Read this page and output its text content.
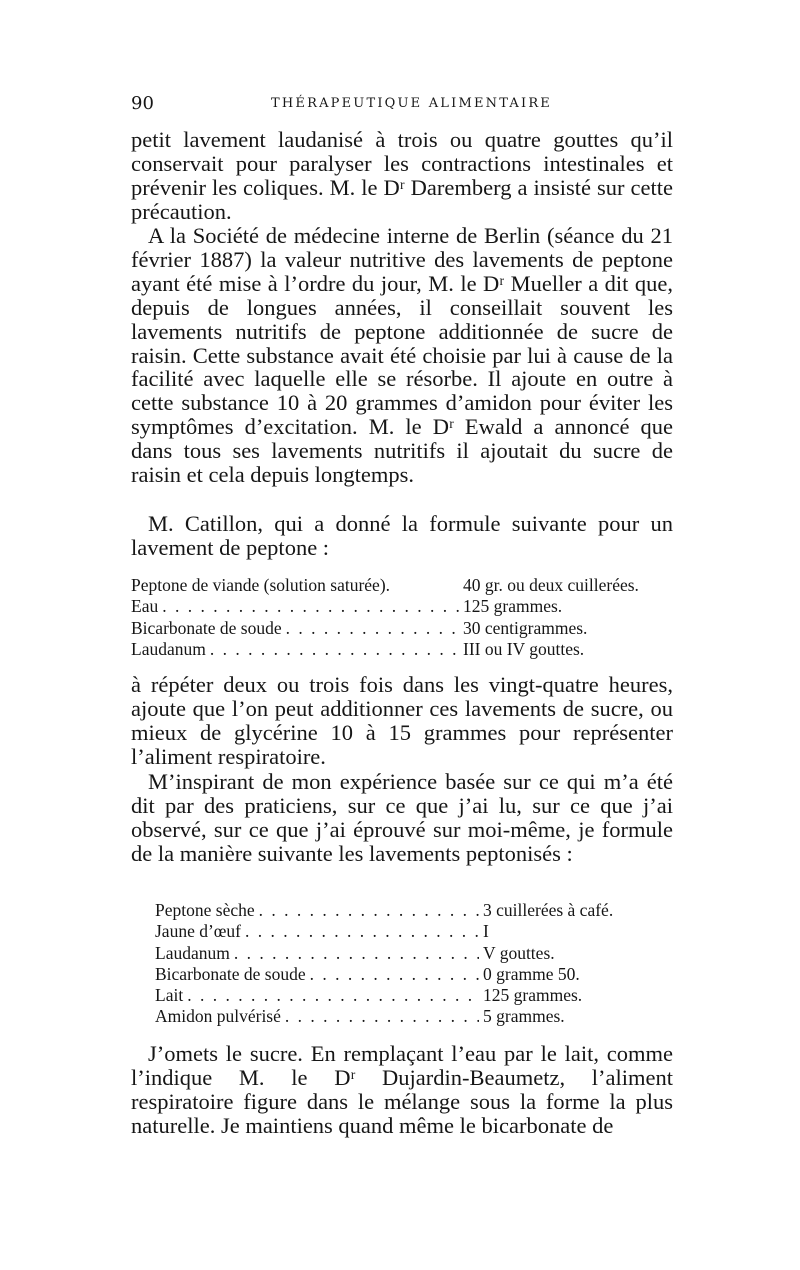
90	THÉRAPEUTIQUE ALIMENTAIRE

petit lavement laudanisé à trois ou quatre gouttes qu’il conservait pour paralyser les contractions intestinales et prévenir les coliques. M. le Dʳ Daremberg a insisté sur cette précaution.

A la Société de médecine interne de Berlin (séance du 21 février 1887) la valeur nutritive des lavements de peptone ayant été mise à l’ordre du jour, M. le Dʳ Mueller a dit que, depuis de longues années, il conseillait souvent les lavements nutritifs de peptone additionnée de sucre de raisin. Cette substance avait été choisie par lui à cause de la facilité avec laquelle elle se résorbe. Il ajoute en outre à cette substance 10 à 20 grammes d’amidon pour éviter les symptômes d’excitation. M. le Dʳ Ewald a annoncé que dans tous ses lavements nutritifs il ajoutait du sucre de raisin et cela depuis longtemps.

M. Catillon, qui a donné la formule suivante pour un lavement de peptone :

Peptone de viande (solution saturée).	40 gr. ou deux cuillerées.
Eau . . .	125 grammes.
Bicarbonate de soude . . .	30 centigrammes.
Laudanum . . .	III ou IV gouttes.

à répéter deux ou trois fois dans les vingt-quatre heures, ajoute que l’on peut additionner ces lavements de sucre, ou mieux de glycérine 10 à 15 grammes pour représenter l’aliment respiratoire.

M’inspirant de mon expérience basée sur ce qui m’a été dit par des praticiens, sur ce que j’ai lu, sur ce que j’ai observé, sur ce que j’ai éprouvé sur moi-même, je formule de la manière suivante les lavements peptonisés :

Peptone sèche . . .	3 cuillerées à café.
Jaune d’œuf . . .	I
Laudanum . . .	V gouttes.
Bicarbonate de soude . . .	0 gramme 50.
Lait . . .	125 grammes.
Amidon pulvérisé . . .	5 grammes.

J’omets le sucre. En remplaçant l’eau par le lait, comme l’indique M. le Dʳ Dujardin-Beaumetz, l’aliment respiratoire figure dans le mélange sous la forme la plus naturelle. Je maintiens quand même le bicarbonate de
